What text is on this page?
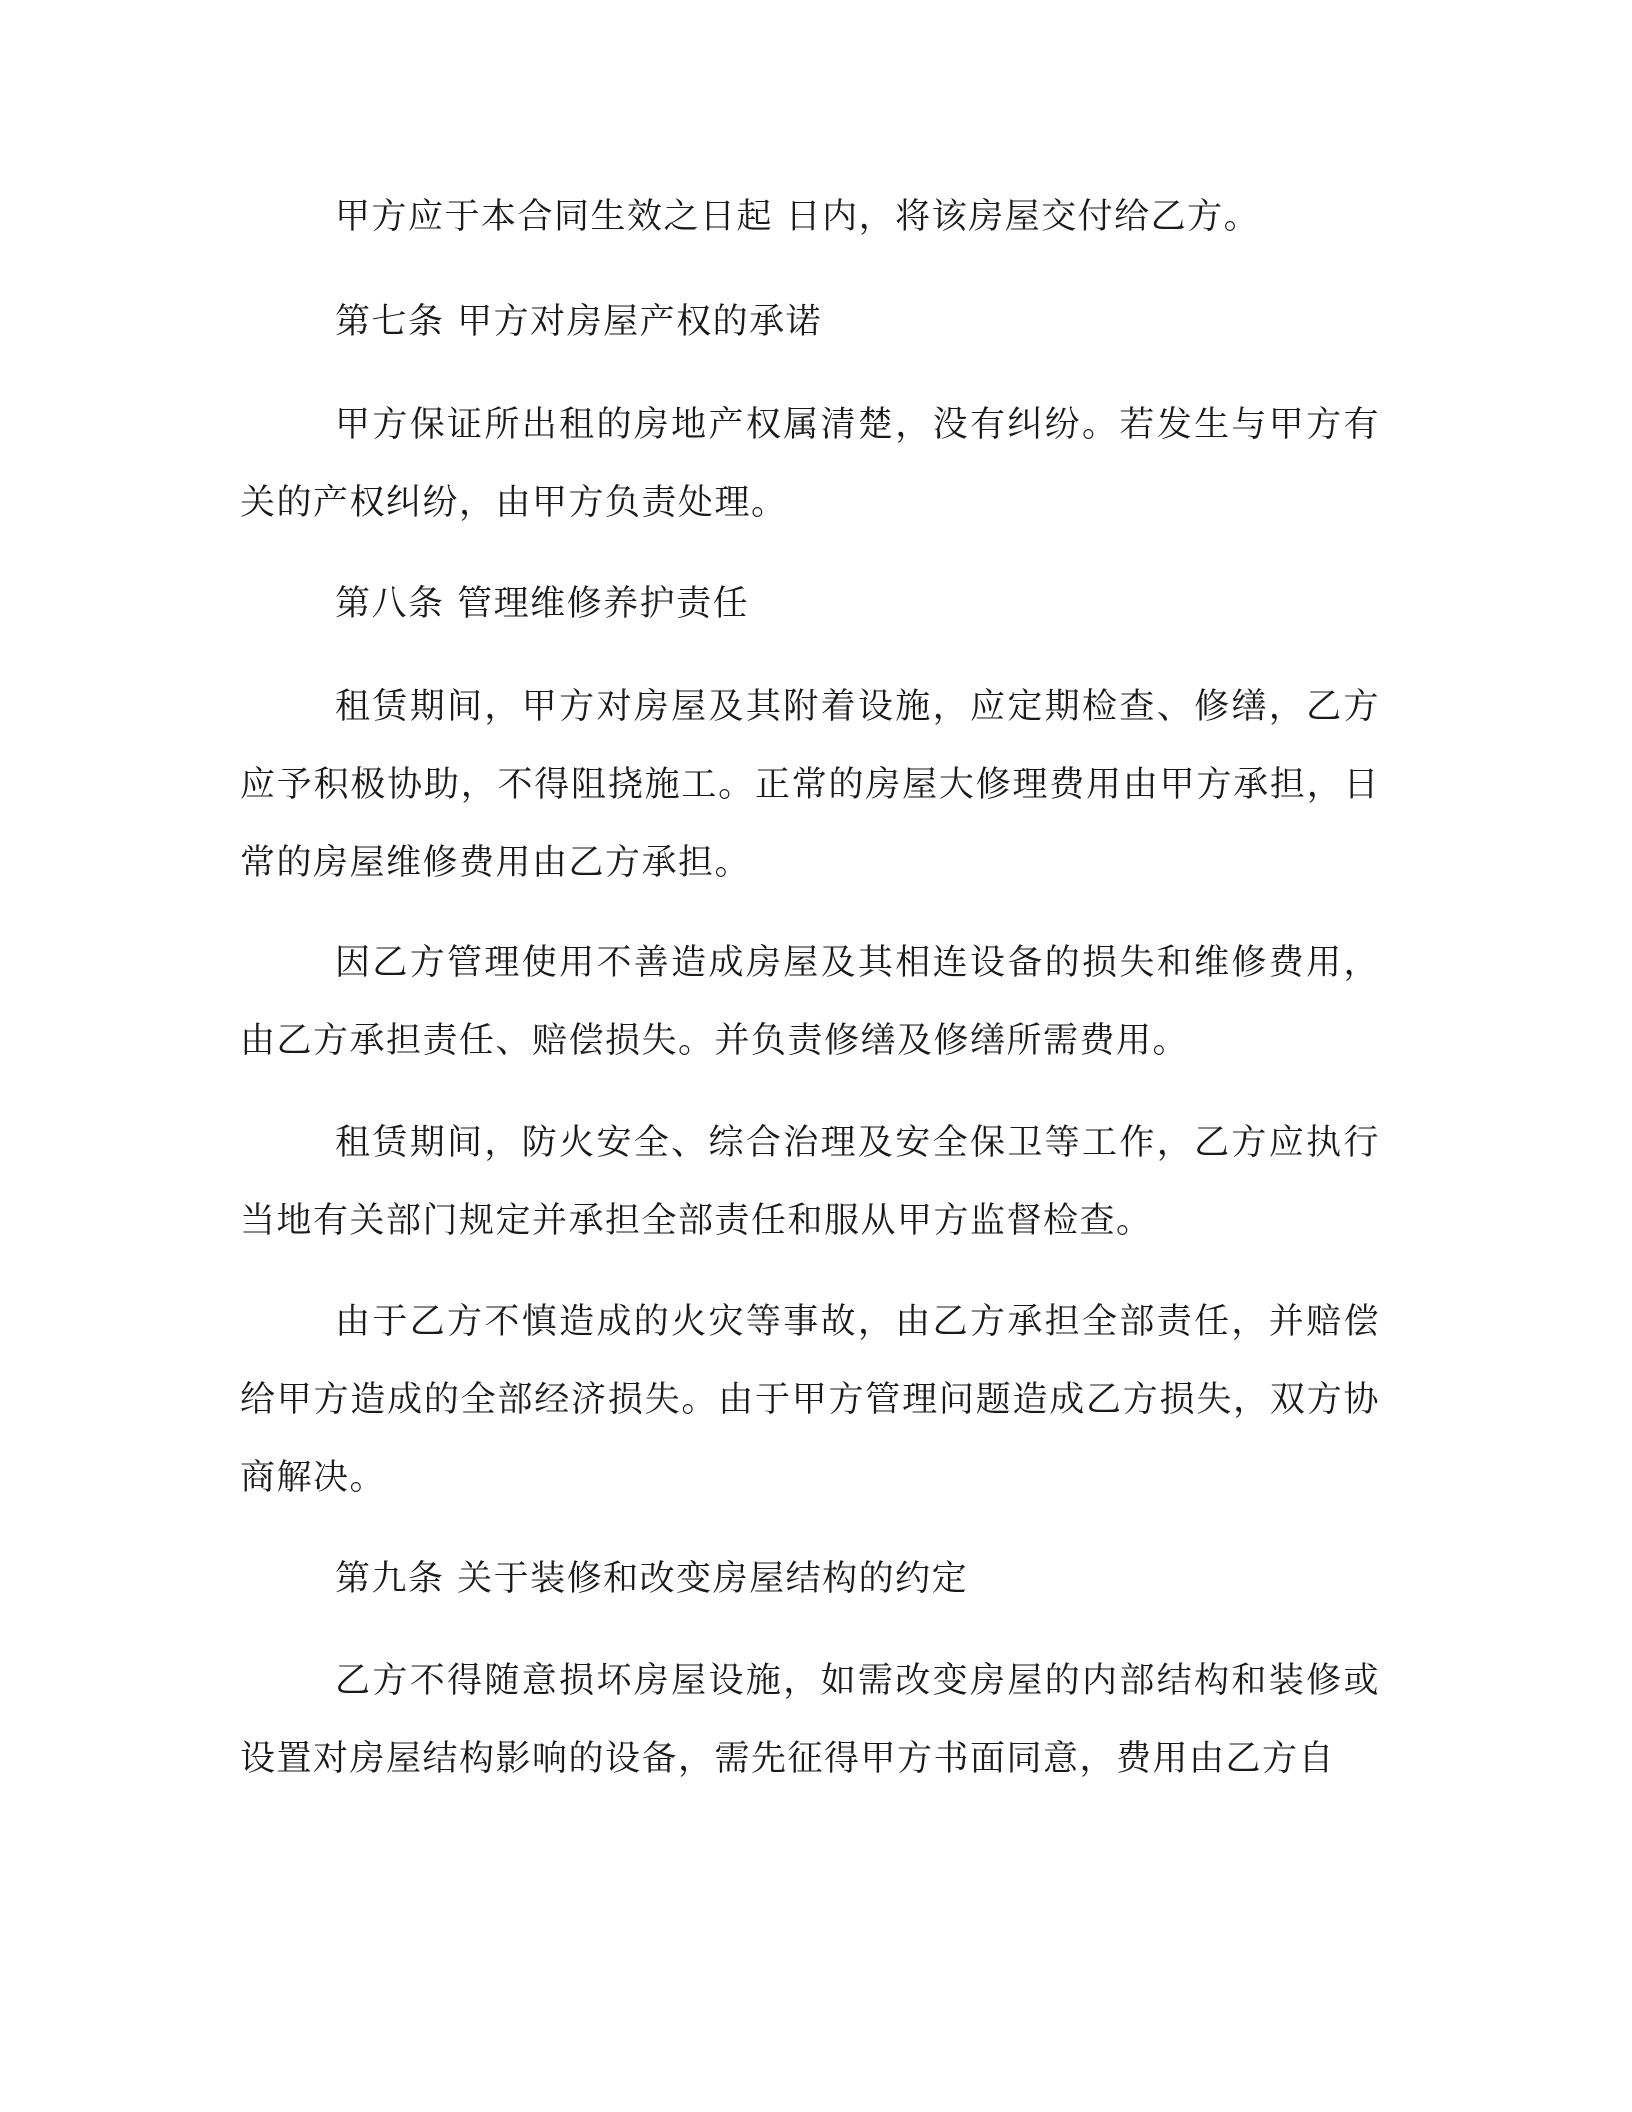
甲方应于本合同生效之日起 日内，将该房屋交付给乙方。

第七条 甲方对房屋产权的承诺

甲方保证所出租的房地产权属清楚，没有纠纷。若发生与甲方有关的产权纠纷，由甲方负责处理。

第八条 管理维修养护责任

租赁期间，甲方对房屋及其附着设施，应定期检查、修缮，乙方应予积极协助，不得阻挠施工。正常的房屋大修理费用由甲方承担，日常的房屋维修费用由乙方承担。

因乙方管理使用不善造成房屋及其相连设备的损失和维修费用，由乙方承担责任、赔偿损失。并负责修缮及修缮所需费用。

租赁期间，防火安全、综合治理及安全保卫等工作，乙方应执行当地有关部门规定并承担全部责任和服从甲方监督检查。

由于乙方不慎造成的火灾等事故，由乙方承担全部责任，并赔偿给甲方造成的全部经济损失。由于甲方管理问题造成乙方损失，双方协商解决。

第九条 关于装修和改变房屋结构的约定

乙方不得随意损坏房屋设施，如需改变房屋的内部结构和装修或设置对房屋结构影响的设备，需先征得甲方书面同意，费用由乙方自
